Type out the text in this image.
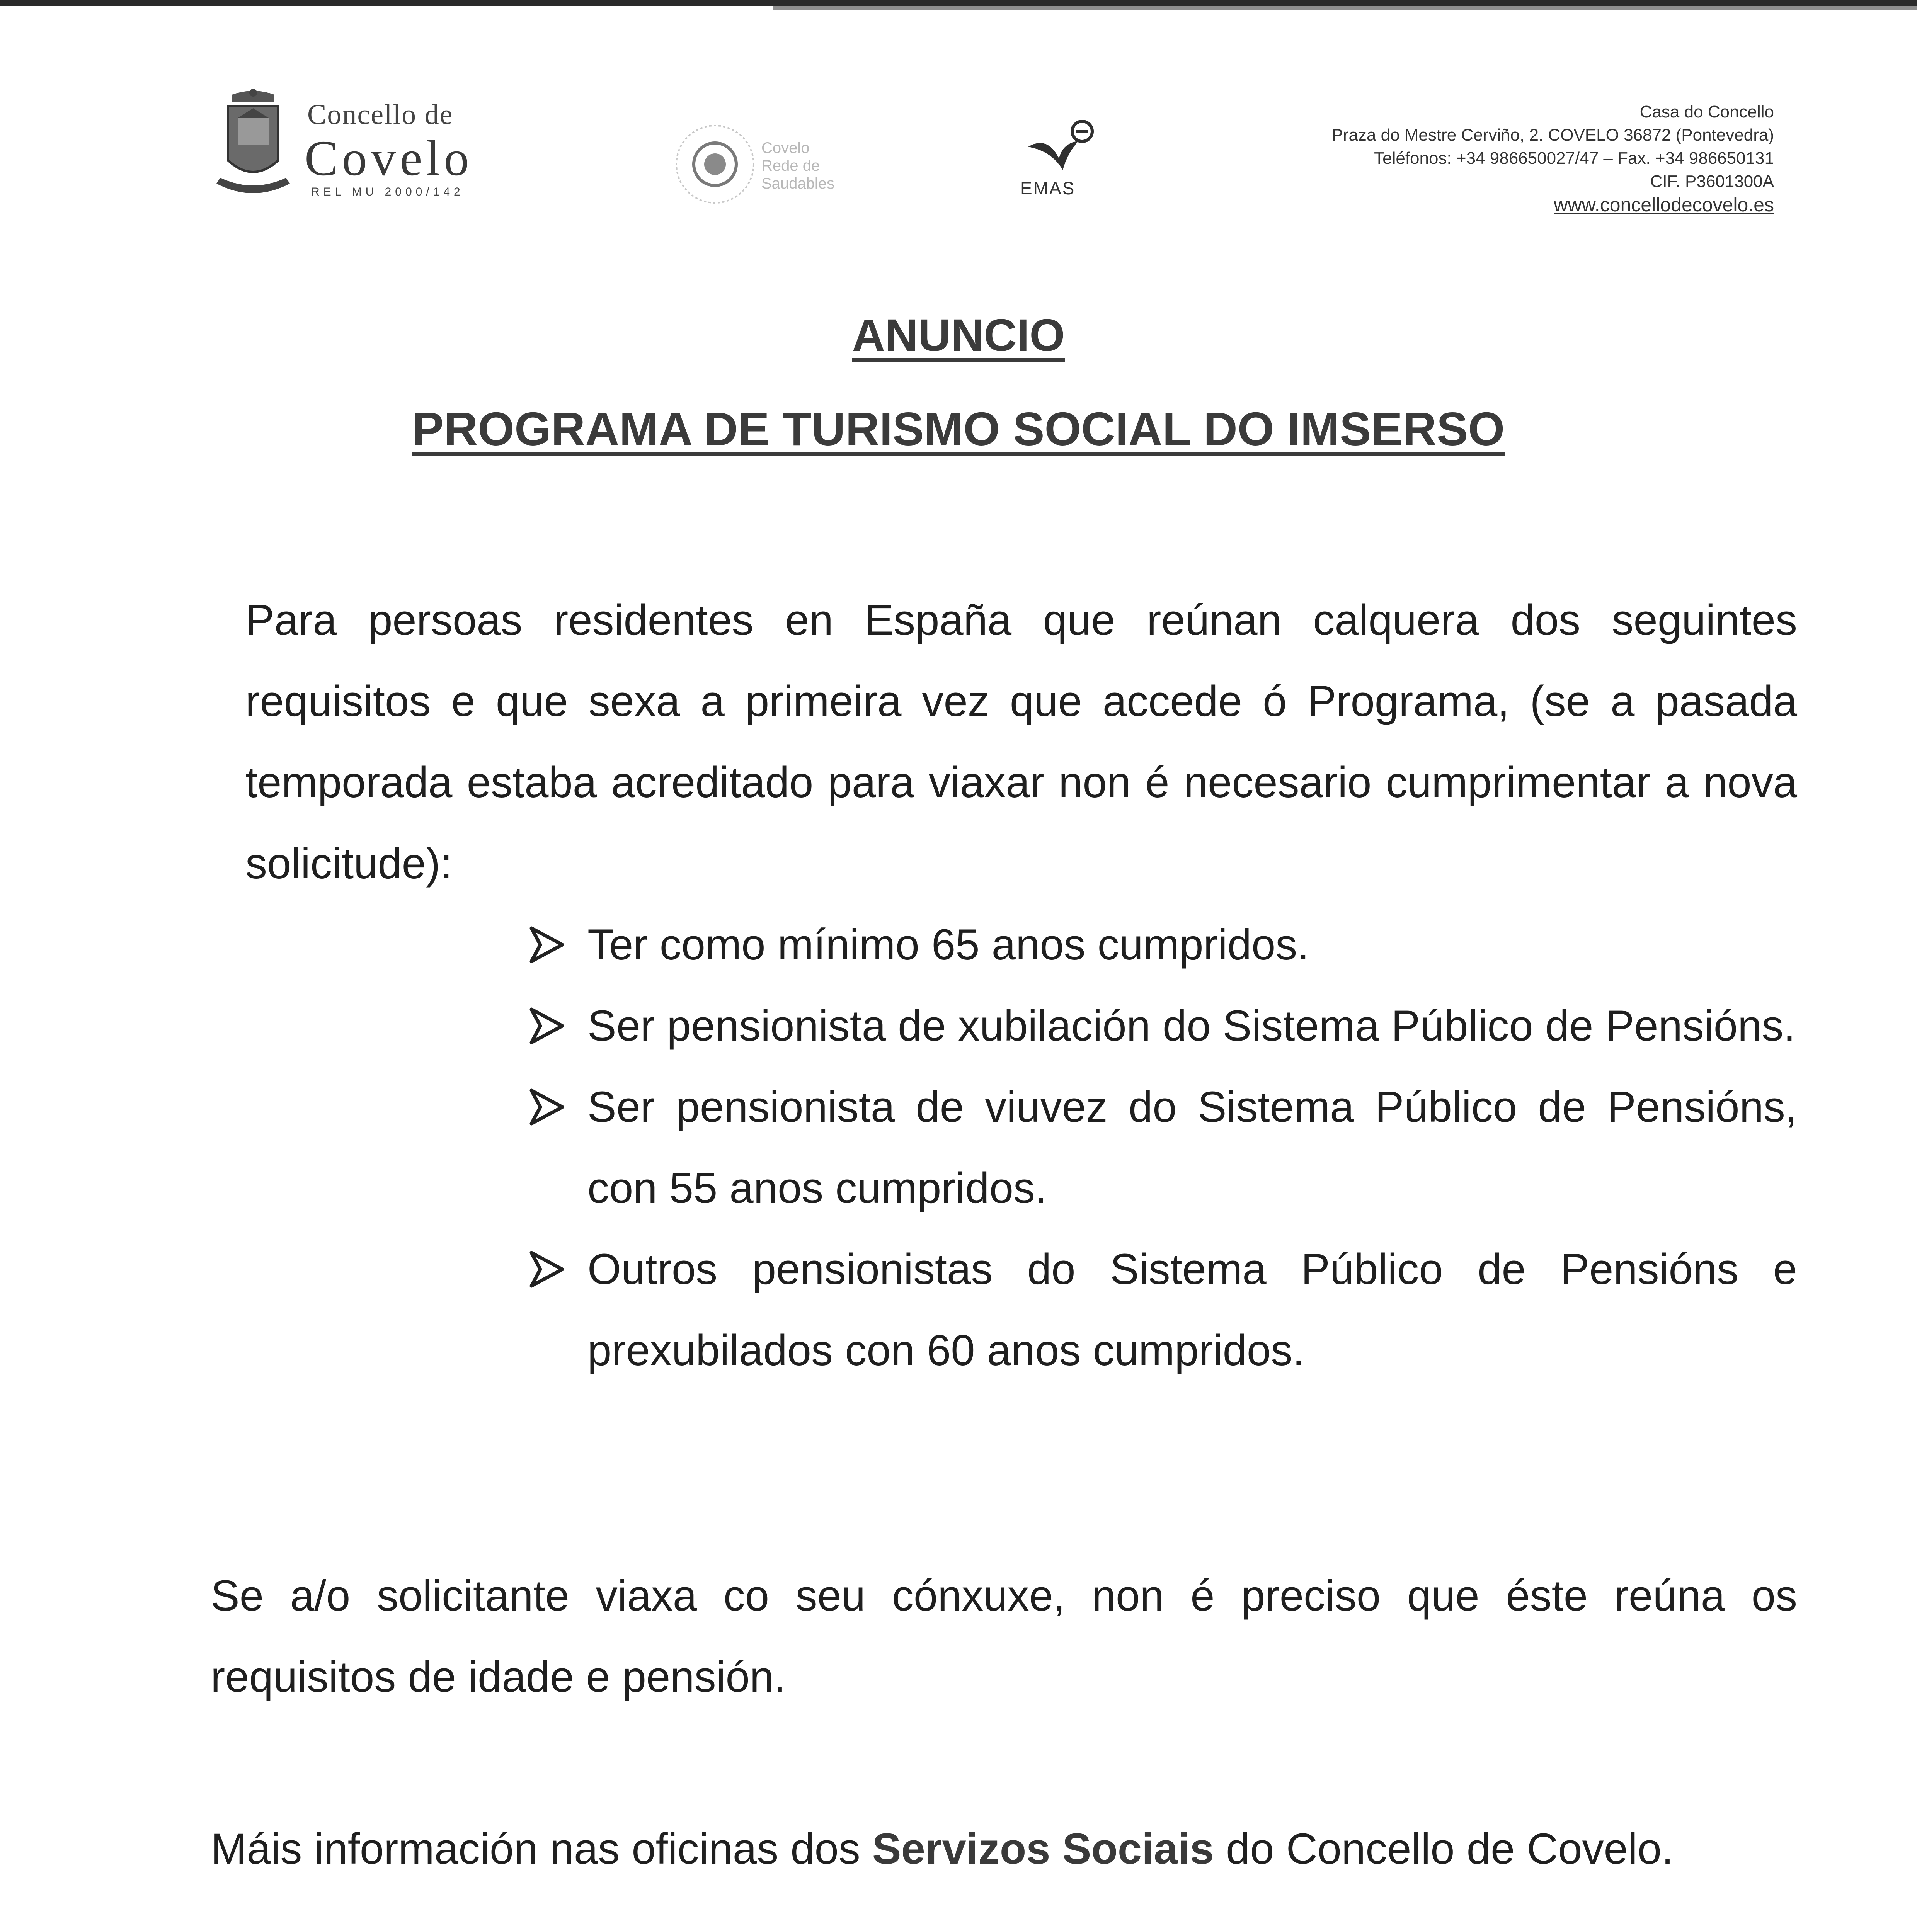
Concello de
Covelo
REL MU 2000/142
Covelo
Rede de
Saudables	EMAS
Casa do Concello
Praza do Mestre Cerviño, 2. COVELO 36872 (Pontevedra)
Teléfonos: +34 986650027/47 – Fax. +34 986650131
CIF. P3601300A
www.concellodecovelo.es
ANUNCIO
PROGRAMA DE TURISMO SOCIAL DO IMSERSO
Para persoas residentes en España que reúnan calquera dos seguintes requisitos e que sexa a primeira vez que accede ó Programa, (se a pasada temporada estaba acreditado para viaxar non é necesario cumprimentar a nova solicitude):
Ter como mínimo 65 anos cumpridos.
Ser pensionista de xubilación do Sistema Público de Pensións.
Ser pensionista de viuvez do Sistema Público de Pensións, con 55 anos cumpridos.
Outros pensionistas do Sistema Público de Pensións e prexubilados con 60 anos cumpridos.
Se a/o solicitante viaxa co seu cónxuxe, non é preciso que éste reúna os requisitos de idade e pensión.
Máis información nas oficinas dos Servizos Sociais do Concello de Covelo.
